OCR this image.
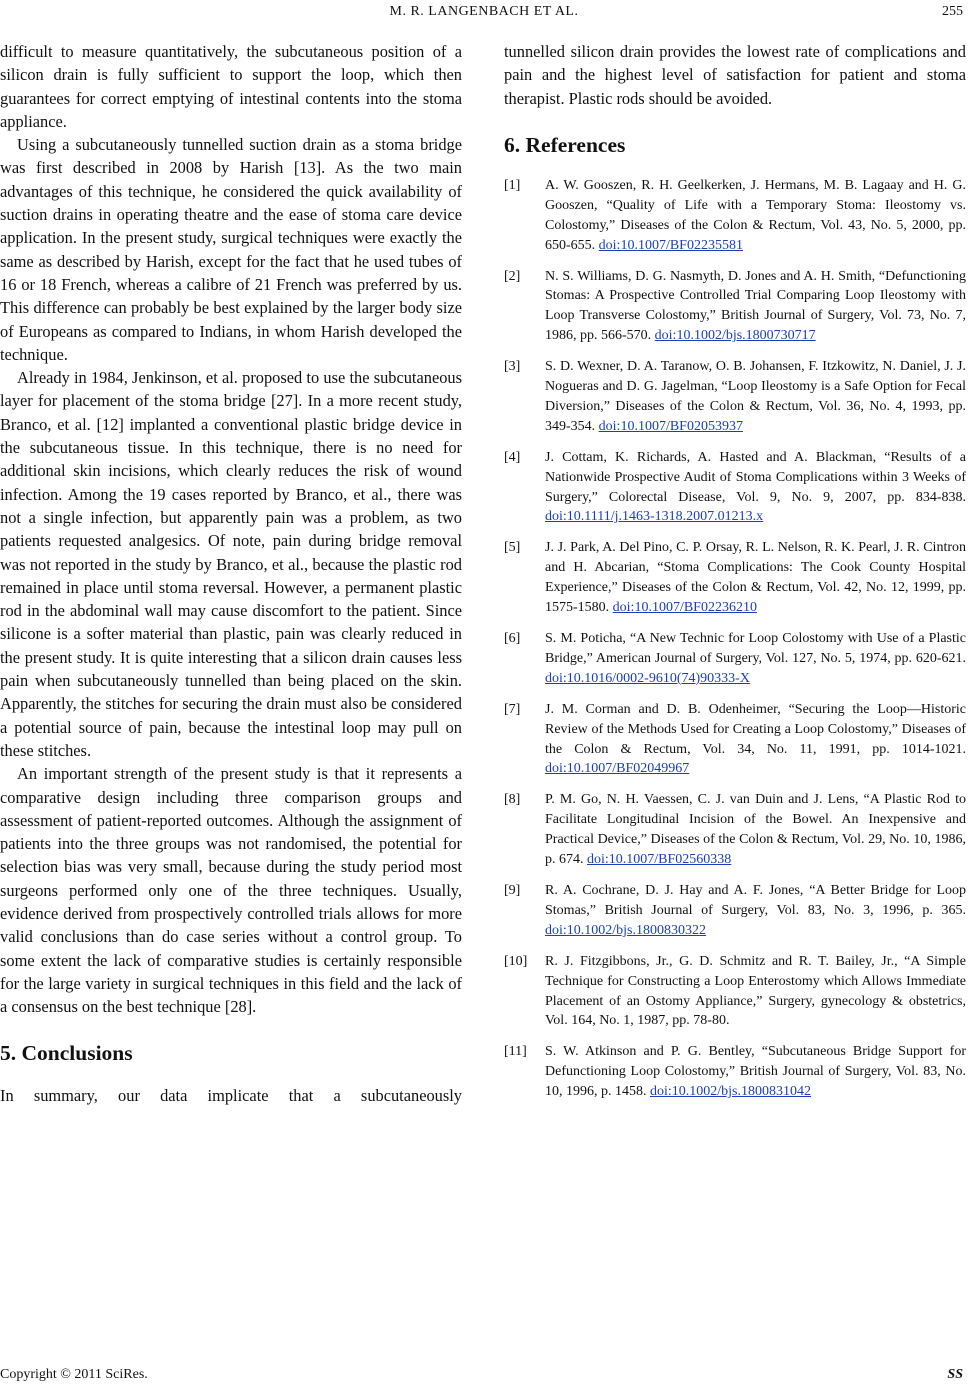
M. R. LANGENBACH ET AL.	255

difficult to measure quantitatively, the subcutaneous position of a silicon drain is fully sufficient to support the loop, which then guarantees for correct emptying of intestinal contents into the stoma appliance.

Using a subcutaneously tunnelled suction drain as a stoma bridge was first described in 2008 by Harish [13]. As the two main advantages of this technique, he considered the quick availability of suction drains in operating theatre and the ease of stoma care device application. In the present study, surgical techniques were exactly the same as described by Harish, except for the fact that he used tubes of 16 or 18 French, whereas a calibre of 21 French was preferred by us. This difference can probably be best explained by the larger body size of Europeans as compared to Indians, in whom Harish developed the technique.

Already in 1984, Jenkinson, et al. proposed to use the subcutaneous layer for placement of the stoma bridge [27]. In a more recent study, Branco, et al. [12] implanted a conventional plastic bridge device in the subcutaneous tissue. In this technique, there is no need for additional skin incisions, which clearly reduces the risk of wound infection. Among the 19 cases reported by Branco, et al., there was not a single infection, but apparently pain was a problem, as two patients requested analgesics. Of note, pain during bridge removal was not reported in the study by Branco, et al., because the plastic rod remained in place until stoma reversal. However, a permanent plastic rod in the abdominal wall may cause discomfort to the patient. Since silicone is a softer material than plastic, pain was clearly reduced in the present study. It is quite interesting that a silicon drain causes less pain when subcutaneously tunnelled than being placed on the skin. Apparently, the stitches for securing the drain must also be considered a potential source of pain, because the intestinal loop may pull on these stitches.

An important strength of the present study is that it represents a comparative design including three comparison groups and assessment of patient-reported outcomes. Although the assignment of patients into the three groups was not randomised, the potential for selection bias was very small, because during the study period most surgeons performed only one of the three techniques. Usually, evidence derived from prospectively controlled trials allows for more valid conclusions than do case series without a control group. To some extent the lack of comparative studies is certainly responsible for the large variety in surgical techniques in this field and the lack of a consensus on the best technique [28].

5. Conclusions

In summary, our data implicate that a subcutaneously

tunnelled silicon drain provides the lowest rate of complications and pain and the highest level of satisfaction for patient and stoma therapist. Plastic rods should be avoided.

6. References
[1] A. W. Gooszen, R. H. Geelkerken, J. Hermans, M. B. Lagaay and H. G. Gooszen, “Quality of Life with a Temporary Stoma: Ileostomy vs. Colostomy,” Diseases of the Colon & Rectum, Vol. 43, No. 5, 2000, pp. 650-655. doi:10.1007/BF02235581
[2] N. S. Williams, D. G. Nasmyth, D. Jones and A. H. Smith, “Defunctioning Stomas: A Prospective Controlled Trial Comparing Loop Ileostomy with Loop Transverse Colostomy,” British Journal of Surgery, Vol. 73, No. 7, 1986, pp. 566-570. doi:10.1002/bjs.1800730717
[3] S. D. Wexner, D. A. Taranow, O. B. Johansen, F. Itzkowitz, N. Daniel, J. J. Nogueras and D. G. Jagelman, “Loop Ileostomy is a Safe Option for Fecal Diversion,” Diseases of the Colon & Rectum, Vol. 36, No. 4, 1993, pp. 349-354. doi:10.1007/BF02053937
[4] J. Cottam, K. Richards, A. Hasted and A. Blackman, “Results of a Nationwide Prospective Audit of Stoma Complications within 3 Weeks of Surgery,” Colorectal Disease, Vol. 9, No. 9, 2007, pp. 834-838. doi:10.1111/j.1463-1318.2007.01213.x
[5] J. J. Park, A. Del Pino, C. P. Orsay, R. L. Nelson, R. K. Pearl, J. R. Cintron and H. Abcarian, “Stoma Complications: The Cook County Hospital Experience,” Diseases of the Colon & Rectum, Vol. 42, No. 12, 1999, pp. 1575-1580. doi:10.1007/BF02236210
[6] S. M. Poticha, “A New Technic for Loop Colostomy with Use of a Plastic Bridge,” American Journal of Surgery, Vol. 127, No. 5, 1974, pp. 620-621. doi:10.1016/0002-9610(74)90333-X
[7] J. M. Corman and D. B. Odenheimer, “Securing the Loop—Historic Review of the Methods Used for Creating a Loop Colostomy,” Diseases of the Colon & Rectum, Vol. 34, No. 11, 1991, pp. 1014-1021. doi:10.1007/BF02049967
[8] P. M. Go, N. H. Vaessen, C. J. van Duin and J. Lens, “A Plastic Rod to Facilitate Longitudinal Incision of the Bowel. An Inexpensive and Practical Device,” Diseases of the Colon & Rectum, Vol. 29, No. 10, 1986, p. 674. doi:10.1007/BF02560338
[9] R. A. Cochrane, D. J. Hay and A. F. Jones, “A Better Bridge for Loop Stomas,” British Journal of Surgery, Vol. 83, No. 3, 1996, p. 365. doi:10.1002/bjs.1800830322
[10] R. J. Fitzgibbons, Jr., G. D. Schmitz and R. T. Bailey, Jr., “A Simple Technique for Constructing a Loop Enterostomy which Allows Immediate Placement of an Ostomy Appliance,” Surgery, gynecology & obstetrics, Vol. 164, No. 1, 1987, pp. 78-80.
[11] S. W. Atkinson and P. G. Bentley, “Subcutaneous Bridge Support for Defunctioning Loop Colostomy,” British Journal of Surgery, Vol. 83, No. 10, 1996, p. 1458. doi:10.1002/bjs.1800831042
Copyright © 2011 SciRes.	SS
